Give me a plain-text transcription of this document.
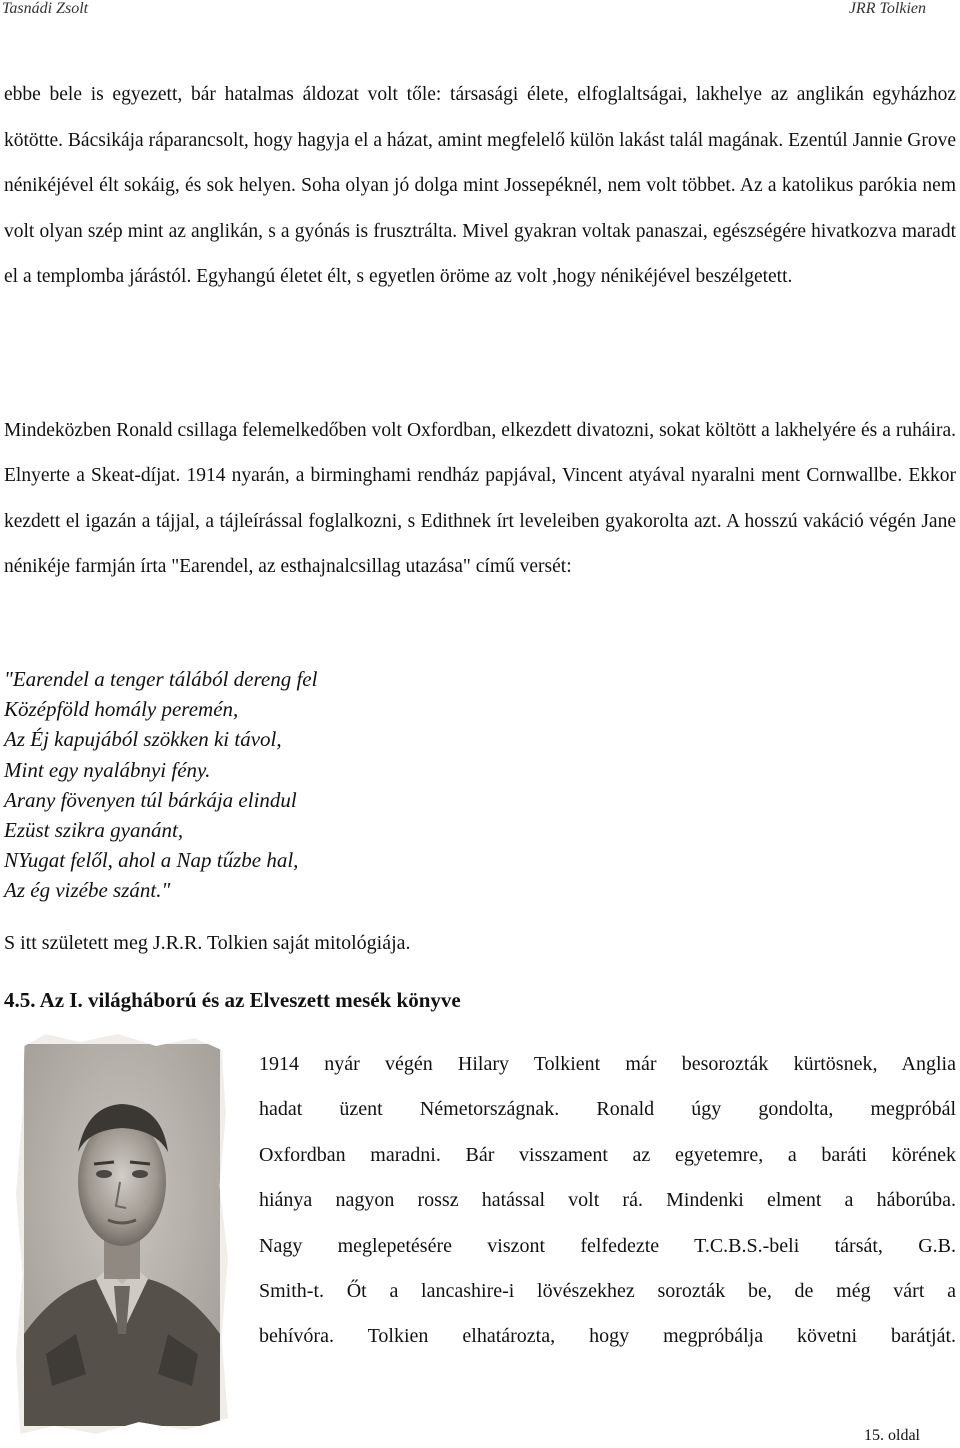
Tasnádi Zsolt	JRR Tolkien
ebbe bele is egyezett, bár hatalmas áldozat volt tőle: társasági élete, elfoglaltságai, lakhelye az anglikán egyházhoz kötötte. Bácsikája ráparancsolt, hogy hagyja el a házat, amint megfelelő külön lakást talál magának. Ezentúl Jannie Grove nénikéjével élt sokáig, és sok helyen. Soha olyan jó dolga mint Jossepéknél, nem volt többet. Az a katolikus parókia nem volt olyan szép mint az anglikán, s a gyónás is frusztrálta. Mivel gyakran voltak panaszai, egészségére hivatkozva maradt el a templomba járástól. Egyhangú életet élt, s egyetlen öröme az volt ,hogy nénikéjével beszélgetett.
Mindeközben Ronald csillaga felemelkedőben volt Oxfordban, elkezdett divatozni, sokat költött a lakhelyére és a ruháira. Elnyerte a Skeat-díjat. 1914 nyarán, a birminghami rendház papjával, Vincent atyával nyaralni ment Cornwallbe. Ekkor kezdett el igazán a tájjal, a tájleírással foglalkozni, s Edithnek írt leveleiben gyakorolta azt. A hosszú vakáció végén Jane nénikéje farmján írta "Earendel, az esthajnalcsillag utazása" című versét:
"Earendel a tenger tálából dereng fel
Középföld homály peremén,
Az Éj kapujából szökken ki távol,
Mint egy nyalábnyi fény.
Arany fövenyen túl bárkája elindul
Ezüst szikra gyanánt,
NYugat felől, ahol a Nap tűzbe hal,
Az ég vizébe szánt."
S itt született meg J.R.R. Tolkien saját mitológiája.
4.5. Az I. világháború és az Elveszett mesék könyve
1914 nyár végén Hilary Tolkient már besorozták kürtösnek, Anglia
hadat üzent Németországnak. Ronald úgy gondolta, megpróbál
Oxfordban maradni. Bár visszament az egyetemre, a baráti körének
hiánya nagyon rossz hatással volt rá. Mindenki elment a háborúba.
Nagy meglepetésére viszont felfedezte T.C.B.S.-beli társát, G.B.
Smith-t. Őt a lancashire-i lövészekhez sorozták be, de még várt a
behívóra. Tolkien elhatározta, hogy megpróbálja követni barátját.
15. oldal
